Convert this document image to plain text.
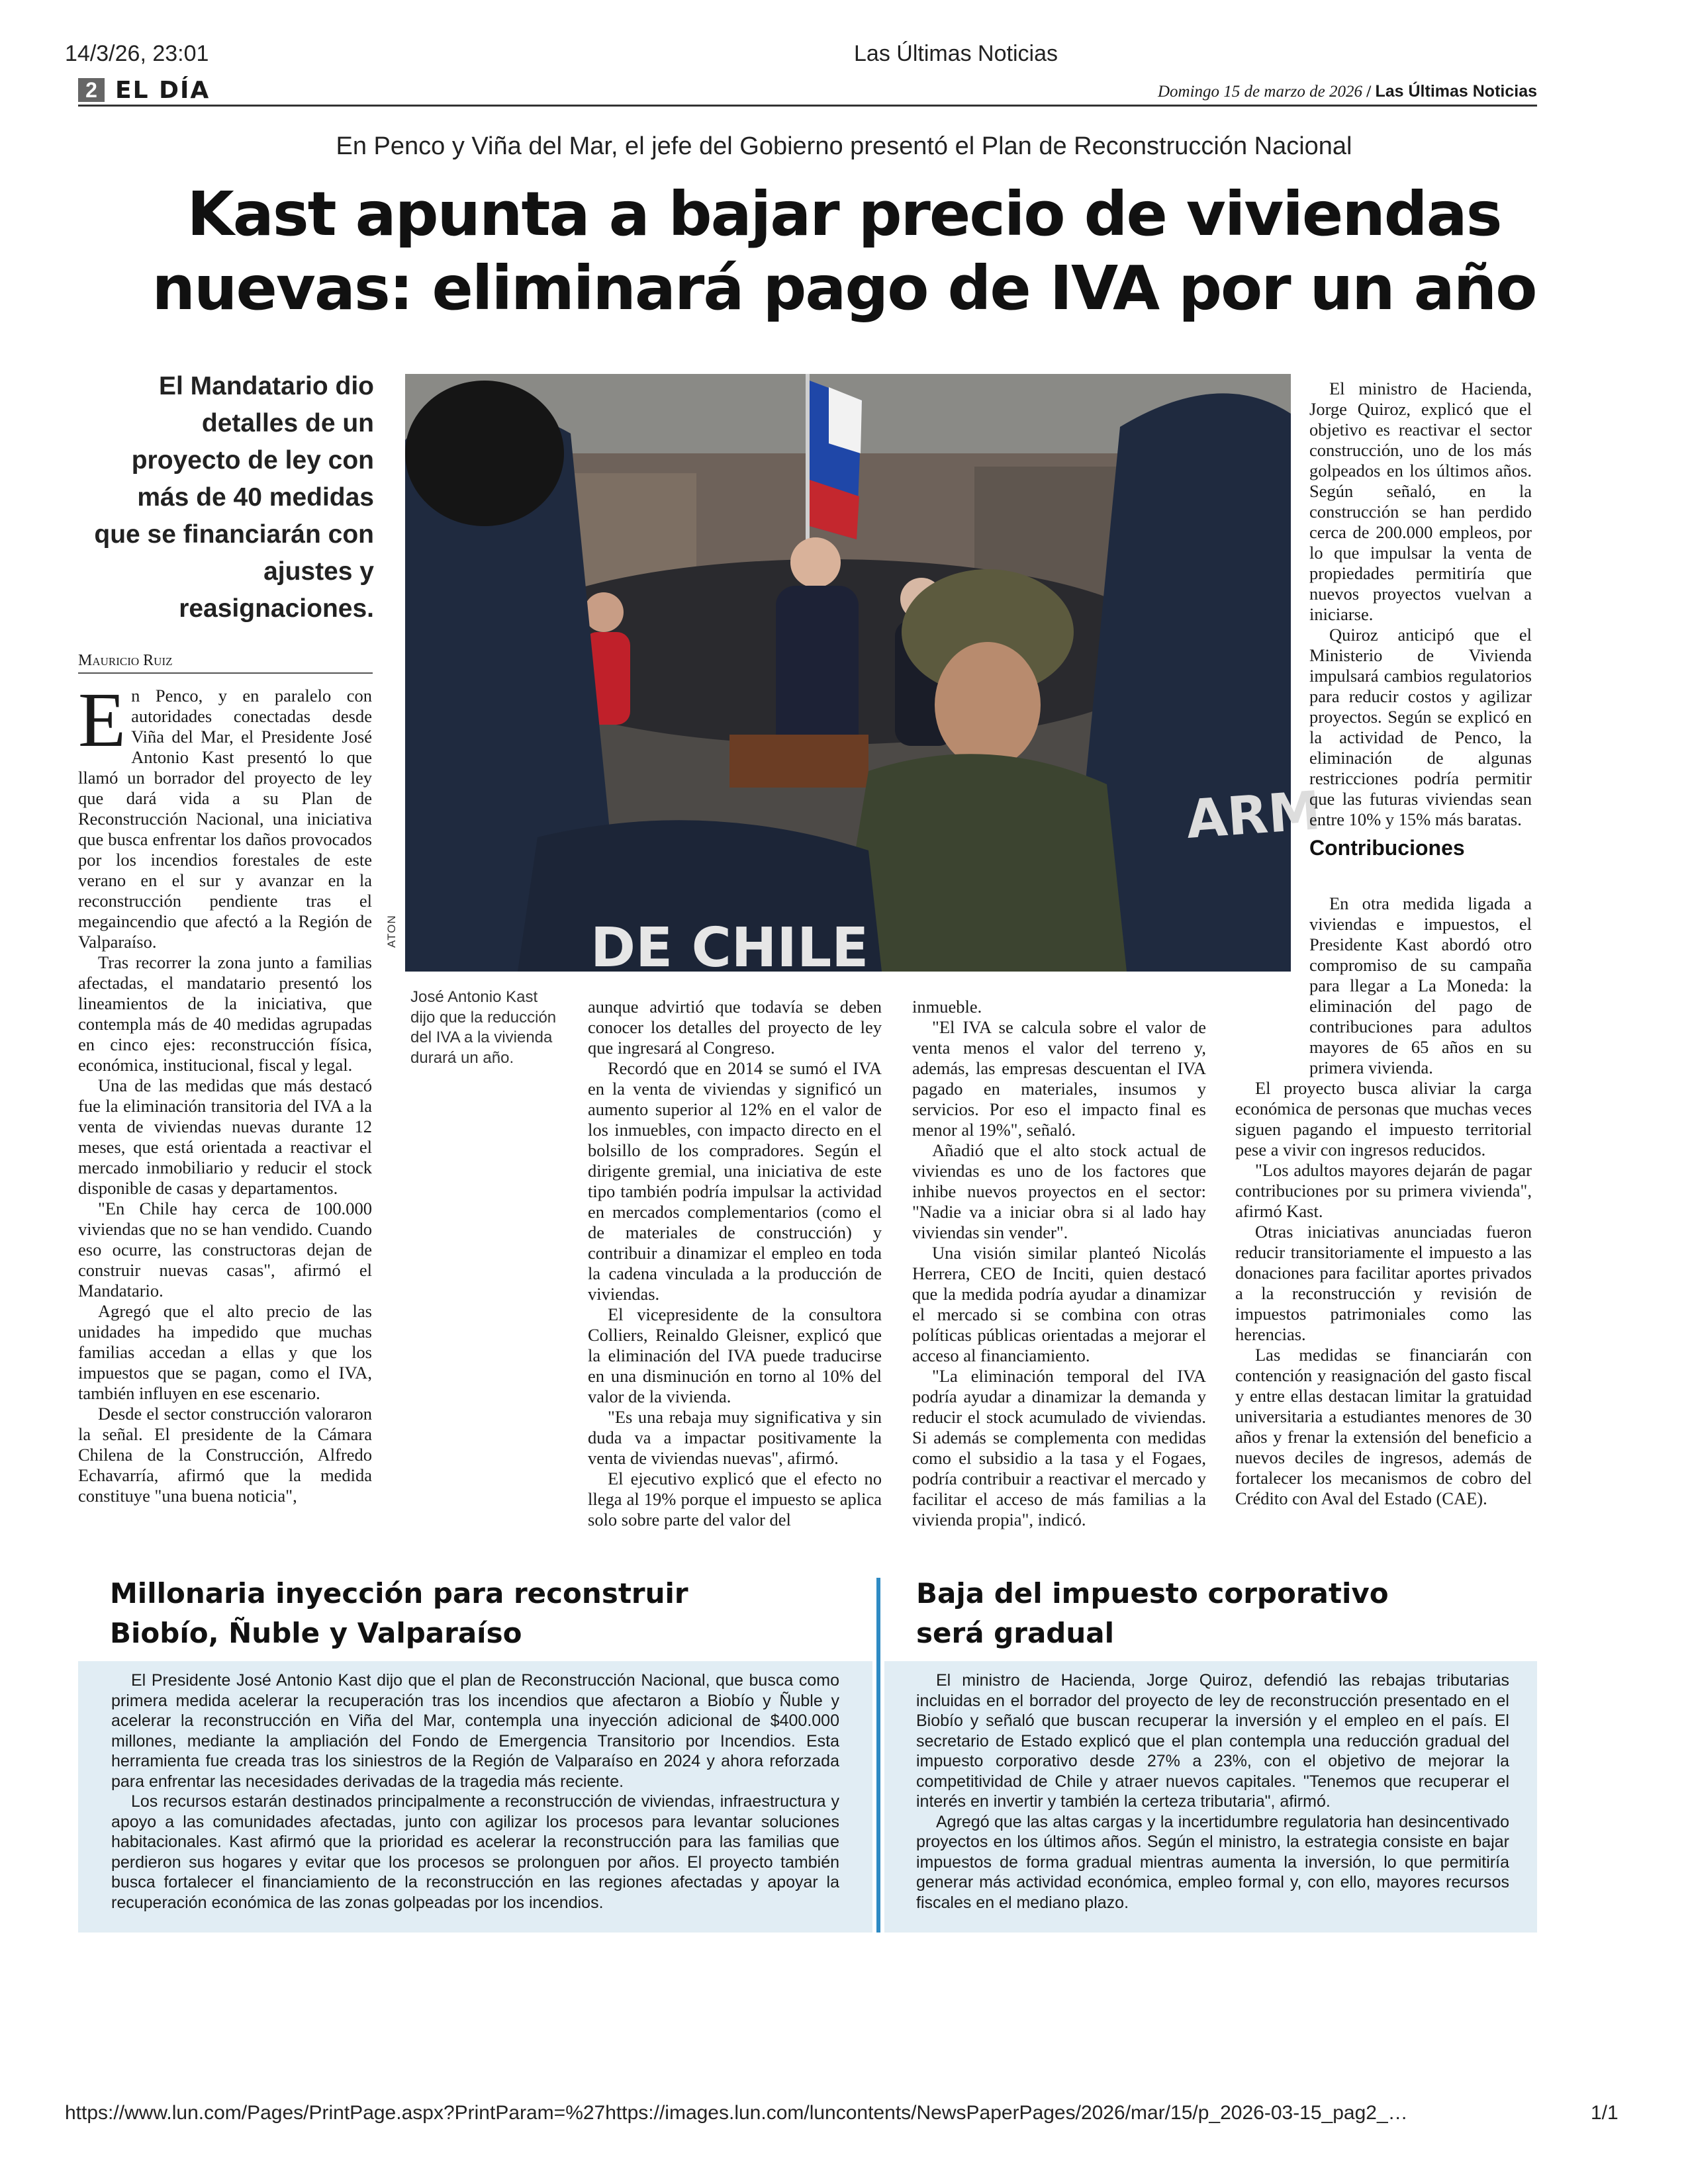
14/3/26, 23:01	Las Últimas Noticias
https://www.lun.com/Pages/PrintPage.aspx?PrintParam=%27https://images.lun.com/luncontents/NewsPaperPages/2026/mar/15/p_2026-03-15_pag2_…	1/1
2 EL DÍA	Domingo 15 de marzo de 2026 / Las Últimas Noticias
En Penco y Viña del Mar, el jefe del Gobierno presentó el Plan de Reconstrucción Nacional
Kast apunta a bajar precio de viviendas
nuevas: eliminará pago de IVA por un año
El Mandatario dio detalles de un proyecto de ley con más de 40 medidas que se financiarán con ajustes y reasignaciones.
Mauricio Ruiz
ARM
DE CHILE
ATON
José Antonio Kast dijo que la reducción del IVA a la vivienda durará un año.

En Penco, y en paralelo con autoridades conectadas desde Viña del Mar, el Presidente José Antonio Kast presentó lo que llamó un borrador del proyecto de ley que dará vida a su Plan de Reconstrucción Nacional, una iniciativa que busca enfrentar los daños provocados por los incendios forestales de este verano en el sur y avanzar en la reconstrucción pendiente tras el megaincendio que afectó a la Región de Valparaíso.

Tras recorrer la zona junto a familias afectadas, el mandatario presentó los lineamientos de la iniciativa, que contempla más de 40 medidas agrupadas en cinco ejes: reconstrucción física, económica, institucional, fiscal y legal.

Una de las medidas que más destacó fue la eliminación transitoria del IVA a la venta de viviendas nuevas durante 12 meses, que está orientada a reactivar el mercado inmobiliario y reducir el stock disponible de casas y departamentos.

"En Chile hay cerca de 100.000 viviendas que no se han vendido. Cuando eso ocurre, las constructoras dejan de construir nuevas casas", afirmó el Mandatario.

Agregó que el alto precio de las unidades ha impedido que muchas familias accedan a ellas y que los impuestos que se pagan, como el IVA, también influyen en ese escenario.

Desde el sector construcción valoraron la señal. El presidente de la Cámara Chilena de la Construcción, Alfredo Echavarría, afirmó que la medida constituye "una buena noticia",

aunque advirtió que todavía se deben conocer los detalles del proyecto de ley que ingresará al Congreso.

Recordó que en 2014 se sumó el IVA en la venta de viviendas y significó un aumento superior al 12% en el valor de los inmuebles, con impacto directo en el bolsillo de los compradores. Según el dirigente gremial, una iniciativa de este tipo también podría impulsar la actividad en mercados complementarios (como el de materiales de construcción) y contribuir a dinamizar el empleo en toda la cadena vinculada a la producción de viviendas.

El vicepresidente de la consultora Colliers, Reinaldo Gleisner, explicó que la eliminación del IVA puede traducirse en una disminución en torno al 10% del valor de la vivienda.

"Es una rebaja muy significativa y sin duda va a impactar positivamente la venta de viviendas nuevas", afirmó.

El ejecutivo explicó que el efecto no llega al 19% porque el impuesto se aplica solo sobre parte del valor del

inmueble.

"El IVA se calcula sobre el valor de venta menos el valor del terreno y, además, las empresas descuentan el IVA pagado en materiales, insumos y servicios. Por eso el impacto final es menor al 19%", señaló.

Añadió que el alto stock actual de viviendas es uno de los factores que inhibe nuevos proyectos en el sector: "Nadie va a iniciar obra si al lado hay viviendas sin vender".

Una visión similar planteó Nicolás Herrera, CEO de Inciti, quien destacó que la medida podría ayudar a dinamizar el mercado si se combina con otras políticas públicas orientadas a mejorar el acceso al financiamiento.

"La eliminación temporal del IVA podría ayudar a dinamizar la demanda y reducir el stock acumulado de viviendas. Si además se complementa con medidas como el subsidio a la tasa y el Fogaes, podría contribuir a reactivar el mercado y facilitar el acceso de más familias a la vivienda propia", indicó.

El ministro de Hacienda, Jorge Quiroz, explicó que el objetivo es reactivar el sector construcción, uno de los más golpeados en los últimos años. Según señaló, en la construcción se han perdido cerca de 200.000 empleos, por lo que impulsar la venta de propiedades permitiría que nuevos proyectos vuelvan a iniciarse.

Quiroz anticipó que el Ministerio de Vivienda impulsará cambios regulatorios para reducir costos y agilizar proyectos. Según se explicó en la actividad de Penco, la eliminación de algunas restricciones podría permitir que las futuras viviendas sean entre 10% y 15% más baratas.

Contribuciones

En otra medida ligada a viviendas e impuestos, el Presidente Kast abordó otro compromiso de su campaña para llegar a La Moneda: la eliminación del pago de contribuciones para adultos mayores de 65 años en su primera vivienda.

El proyecto busca aliviar la carga económica de personas que muchas veces siguen pagando el impuesto territorial pese a vivir con ingresos reducidos.

"Los adultos mayores dejarán de pagar contribuciones por su primera vivienda", afirmó Kast.

Otras iniciativas anunciadas fueron reducir transitoriamente el impuesto a las donaciones para facilitar aportes privados a la reconstrucción y revisión de impuestos patrimoniales como las herencias.

Las medidas se financiarán con contención y reasignación del gasto fiscal y entre ellas destacan limitar la gratuidad universitaria a estudiantes menores de 30 años y frenar la extensión del beneficio a nuevos deciles de ingresos, además de fortalecer los mecanismos de cobro del Crédito con Aval del Estado (CAE).

Millonaria inyección para reconstruir

Biobío, Ñuble y Valparaíso

Baja del impuesto corporativo

será gradual

El Presidente José Antonio Kast dijo que el plan de Reconstrucción Nacional, que busca como primera medida acelerar la recuperación tras los incendios que afectaron a Biobío y Ñuble y acelerar la reconstrucción en Viña del Mar, contempla una inyección adicional de $400.000 millones, mediante la ampliación del Fondo de Emergencia Transitorio por Incendios. Esta herramienta fue creada tras los siniestros de la Región de Valparaíso en 2024 y ahora reforzada para enfrentar las necesidades derivadas de la tragedia más reciente.

Los recursos estarán destinados principalmente a reconstrucción de viviendas, infraestructura y apoyo a las comunidades afectadas, junto con agilizar los procesos para levantar soluciones habitacionales. Kast afirmó que la prioridad es acelerar la reconstrucción para las familias que perdieron sus hogares y evitar que los procesos se prolonguen por años. El proyecto también busca fortalecer el financiamiento de la reconstrucción en las regiones afectadas y apoyar la recuperación económica de las zonas golpeadas por los incendios.

El ministro de Hacienda, Jorge Quiroz, defendió las rebajas tributarias incluidas en el borrador del proyecto de ley de reconstrucción presentado en el Biobío y señaló que buscan recuperar la inversión y el empleo en el país. El secretario de Estado explicó que el plan contempla una reducción gradual del impuesto corporativo desde 27% a 23%, con el objetivo de mejorar la competitividad de Chile y atraer nuevos capitales. "Tenemos que recuperar el interés en invertir y también la certeza tributaria", afirmó.

Agregó que las altas cargas y la incertidumbre regulatoria han desincentivado proyectos en los últimos años. Según el ministro, la estrategia consiste en bajar impuestos de forma gradual mientras aumenta la inversión, lo que permitiría generar más actividad económica, empleo formal y, con ello, mayores recursos fiscales en el mediano plazo.
